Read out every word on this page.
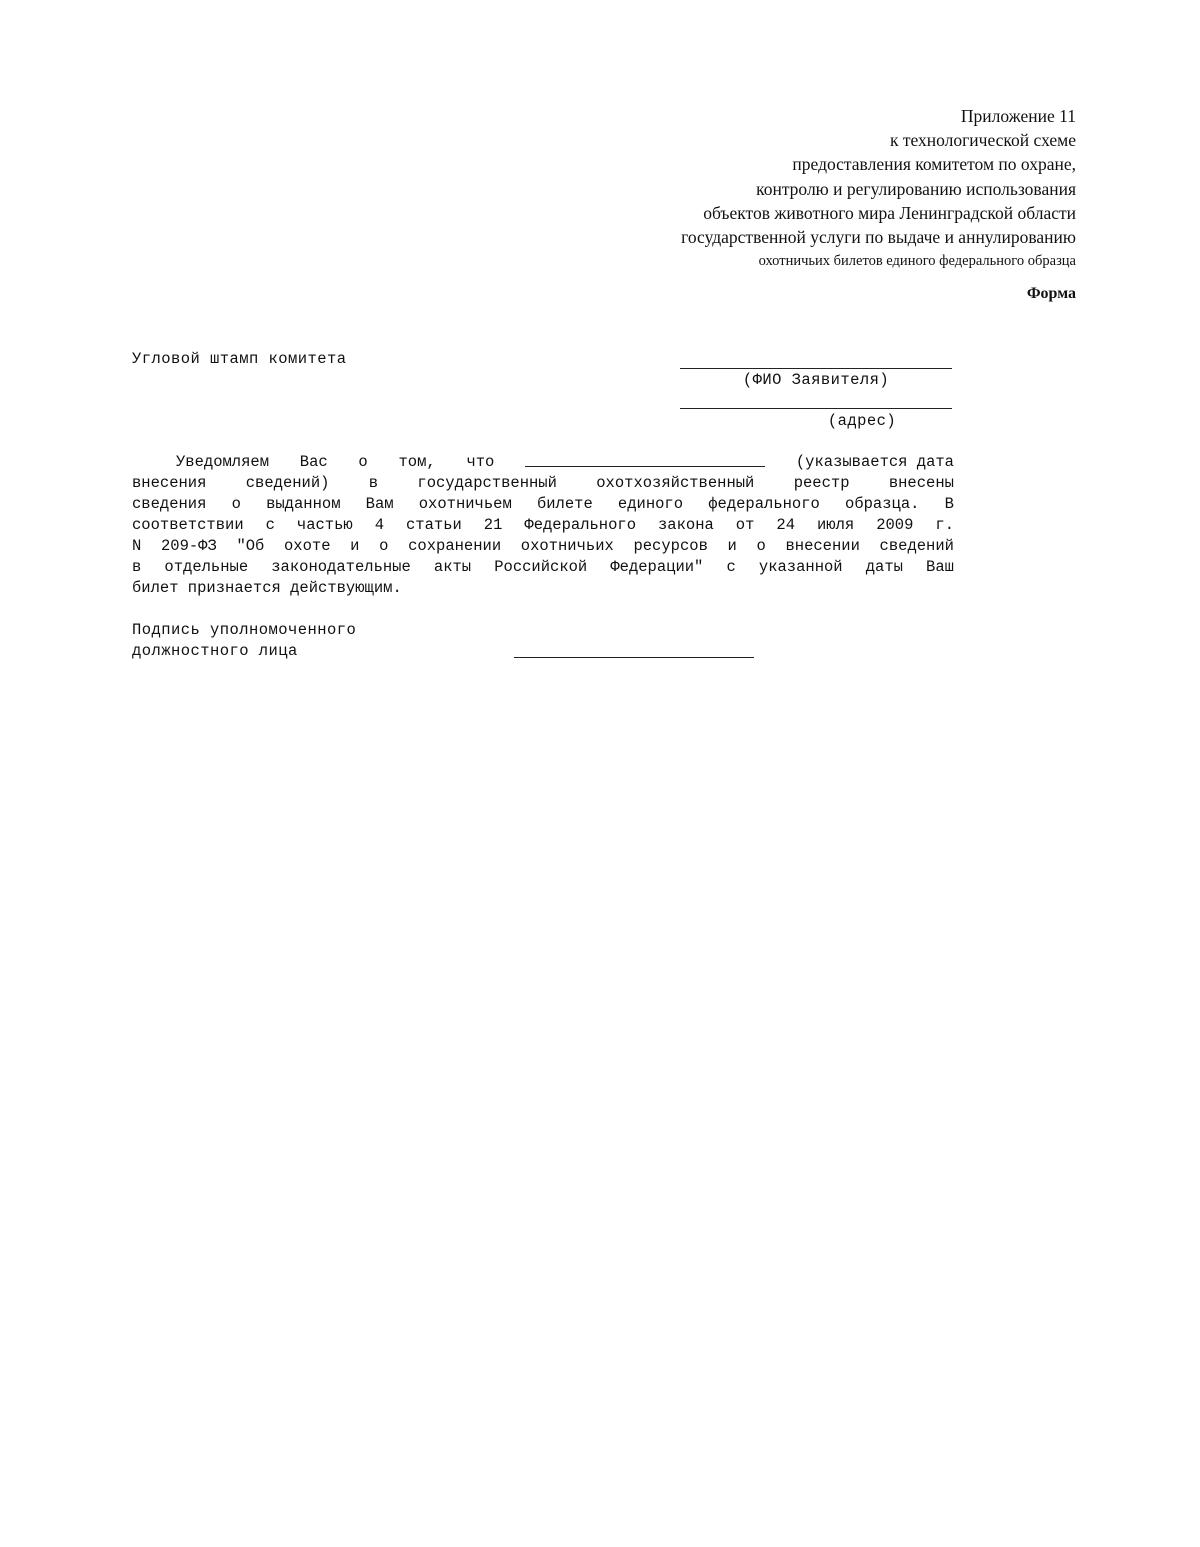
Приложение 11
к технологической схеме
предоставления комитетом по охране,
контролю и регулированию использования
объектов животного мира Ленинградской области
государственной услуги по выдаче и аннулированию
охотничьих билетов единого федерального образца
Форма
Угловой штамп комитета
(ФИО Заявителя)
(адрес)
Уведомляем Вас о том, что	(указывается дата
внесения	сведений)	в	государственный	охотхозяйственный	реестр	внесены
сведения о выданном Вам охотничьем билете единого федерального образца. В
соответствии с частью 4 статьи 21 Федерального закона от 24 июля 2009 г.
N 209-ФЗ "Об охоте и о сохранении охотничьих ресурсов и о внесении сведений
в отдельные законодательные акты Российской Федерации" с указанной даты Ваш
билет признается действующим.
Подпись уполномоченного
должностного лица
